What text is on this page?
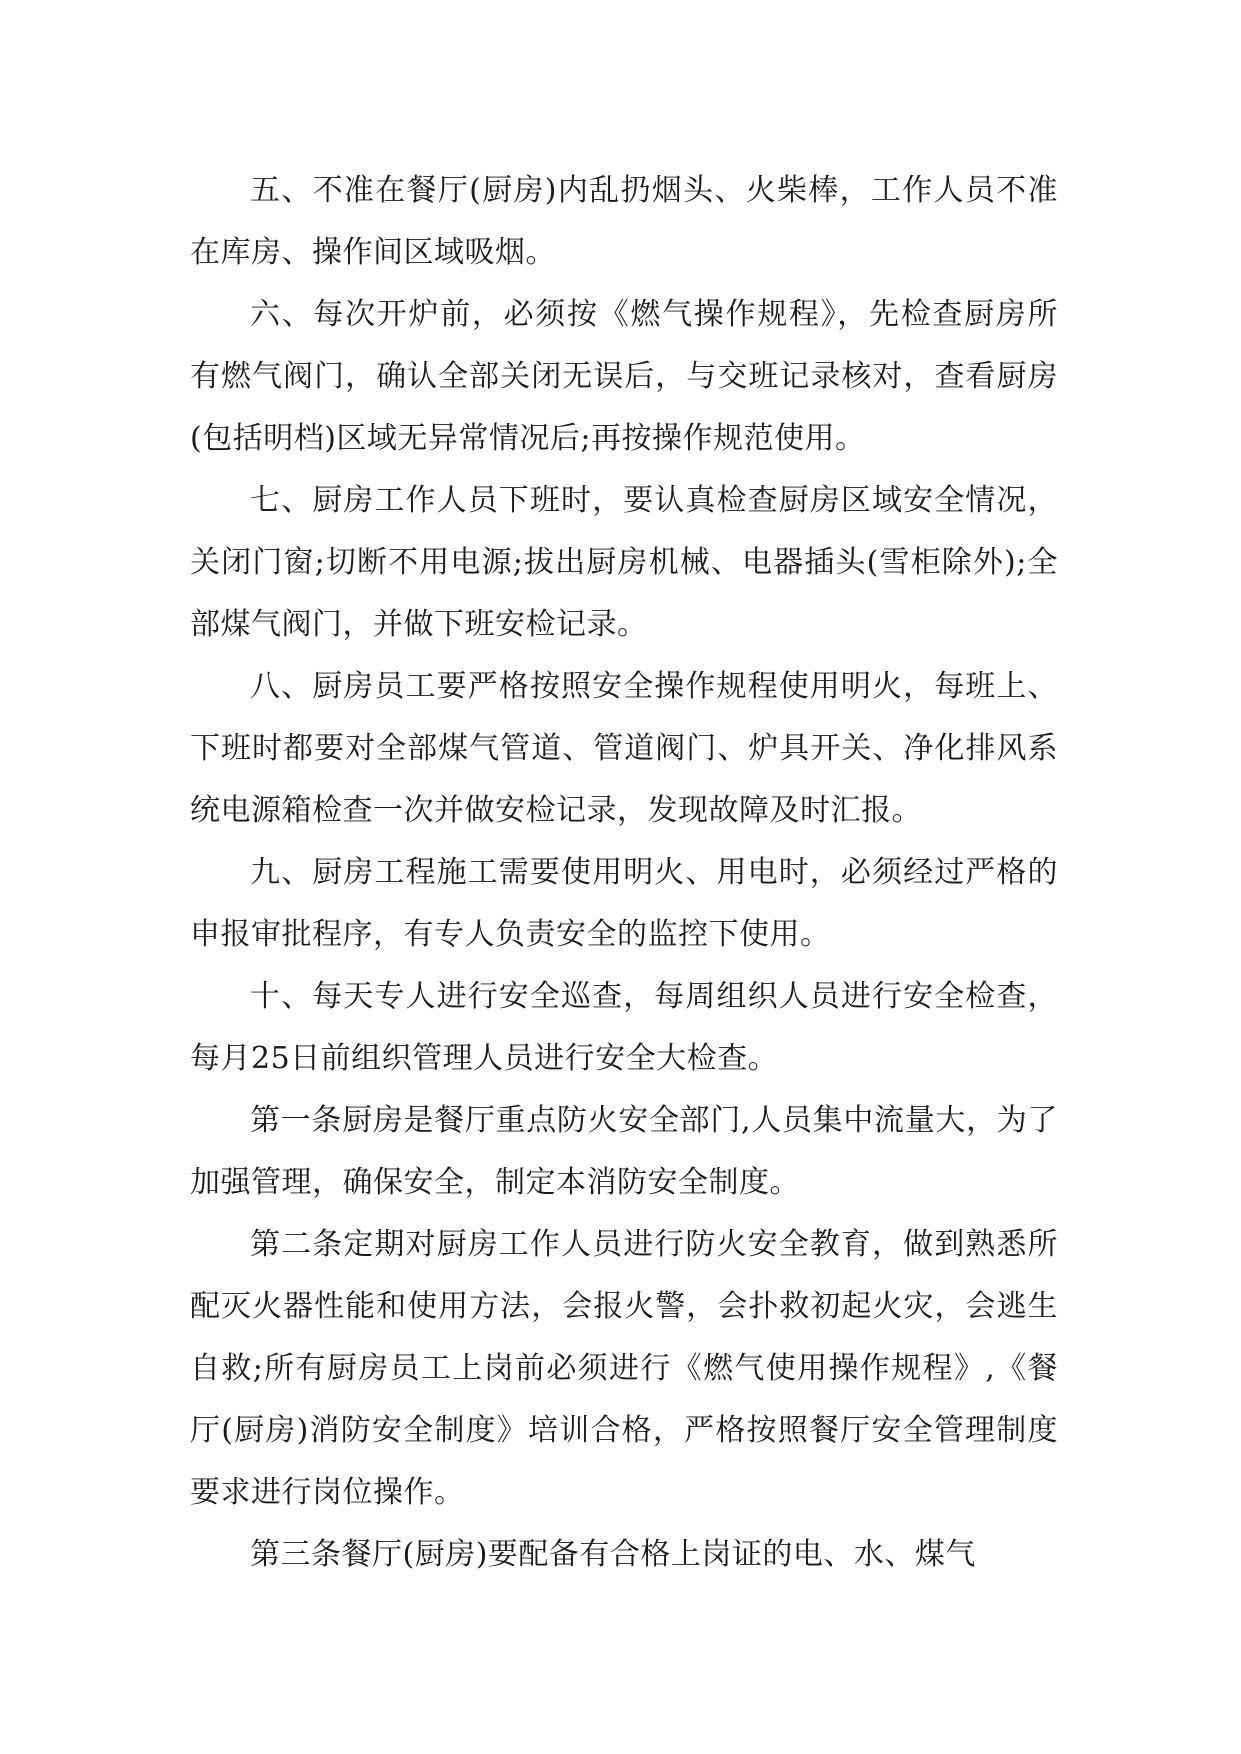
五、不准在餐厅(厨房)内乱扔烟头、火柴棒，工作人员不准在库房、操作间区域吸烟。

六、每次开炉前，必须按《燃气操作规程》，先检查厨房所有燃气阀门，确认全部关闭无误后，与交班记录核对，查看厨房(包括明档)区域无异常情况后;再按操作规范使用。

七、厨房工作人员下班时，要认真检查厨房区域安全情况，关闭门窗;切断不用电源;拔出厨房机械、电器插头(雪柜除外);全部煤气阀门，并做下班安检记录。

八、厨房员工要严格按照安全操作规程使用明火，每班上、下班时都要对全部煤气管道、管道阀门、炉具开关、净化排风系统电源箱检查一次并做安检记录，发现故障及时汇报。

九、厨房工程施工需要使用明火、用电时，必须经过严格的申报审批程序，有专人负责安全的监控下使用。

十、每天专人进行安全巡查，每周组织人员进行安全检查，每月25日前组织管理人员进行安全大检查。

第一条厨房是餐厅重点防火安全部门,人员集中流量大，为了加强管理，确保安全，制定本消防安全制度。

第二条定期对厨房工作人员进行防火安全教育，做到熟悉所配灭火器性能和使用方法，会报火警，会扑救初起火灾，会逃生自救;所有厨房员工上岗前必须进行《燃气使用操作规程》,《餐厅(厨房)消防安全制度》培训合格，严格按照餐厅安全管理制度要求进行岗位操作。

第三条餐厅(厨房)要配备有合格上岗证的电、水、煤气
